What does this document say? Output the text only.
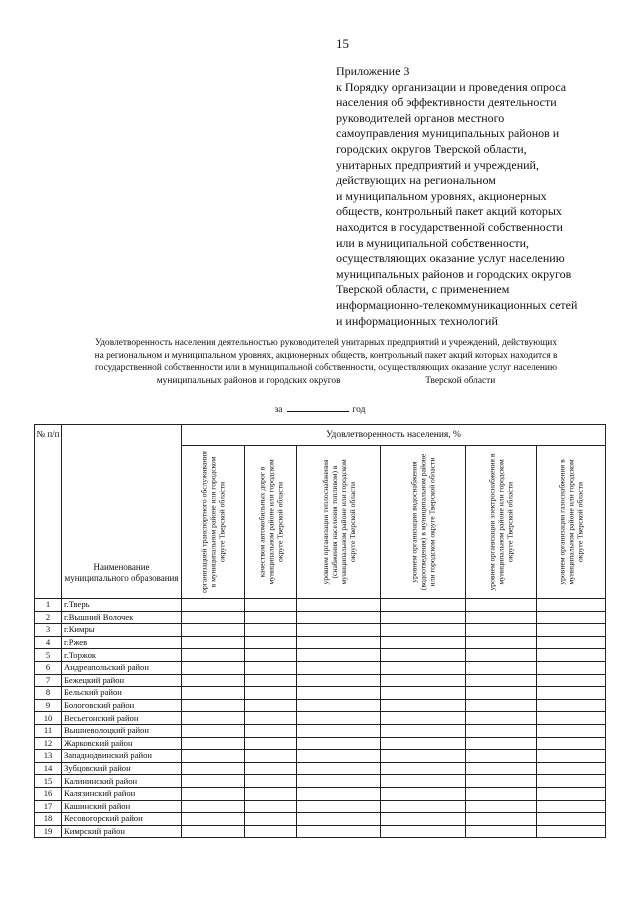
15
Приложение 3
к Порядку организации и проведения опроса
населения об эффективности деятельности
руководителей органов местного
самоуправления муниципальных районов и
городских округов Тверской области,
унитарных предприятий и учреждений,
действующих на региональном
и муниципальном уровнях, акционерных
обществ, контрольный пакет акций которых
находится в государственной собственности
или в муниципальной собственности,
осуществляющих оказание услуг населению
муниципальных районов и городских округов
Тверской области, с применением
информационно-телекоммуникационных сетей
и информационных технологий
Удовлетворенность населения деятельностью руководителей унитарных предприятий и учреждений, действующих
на региональном и муниципальном уровнях, акционерных обществ, контрольный пакет акций которых находится в
государственной собственности или в муниципальной собственности, осуществляющих оказание услуг населению
муниципальных районов и городских округов	Тверской области
за	год
№ п/п	Наименование муниципального образования	Удовлетворенность населения, %					

		организацией транспортного обслуживания в муниципальном районе или городском округе Тверской области	качеством автомобильных дорог в муниципальном районе или городском округе Тверской области	уровнем организации теплоснабжения (снабжения населения топливом) в муниципальном районе или городском округе Тверской области	уровнем организации водоснабжения (водоотведения) в муниципальном районе или городском округе Тверской области	уровнем организации электроснабжения в муниципальном районе или городском округе Тверской области	уровнем организации газоснабжения в муниципальном районе или городском округе Тверской области

1	г.Тверь						
2	г.Вышний Волочек						
3	г.Кимры						
4	г.Ржев						
5	г.Торжок						
6	Андреапольский район						
7	Бежецкий район						
8	Бельский район						
9	Бологовский район						
10	Весьегонский район						
11	Вышневолоцкий район						
12	Жарковский район						
13	Западнодвинский район						
14	Зубцовский район						
15	Калининский район						
16	Калязинский район						
17	Кашинский район						
18	Кесовогорский район						
19	Кимрский район						
